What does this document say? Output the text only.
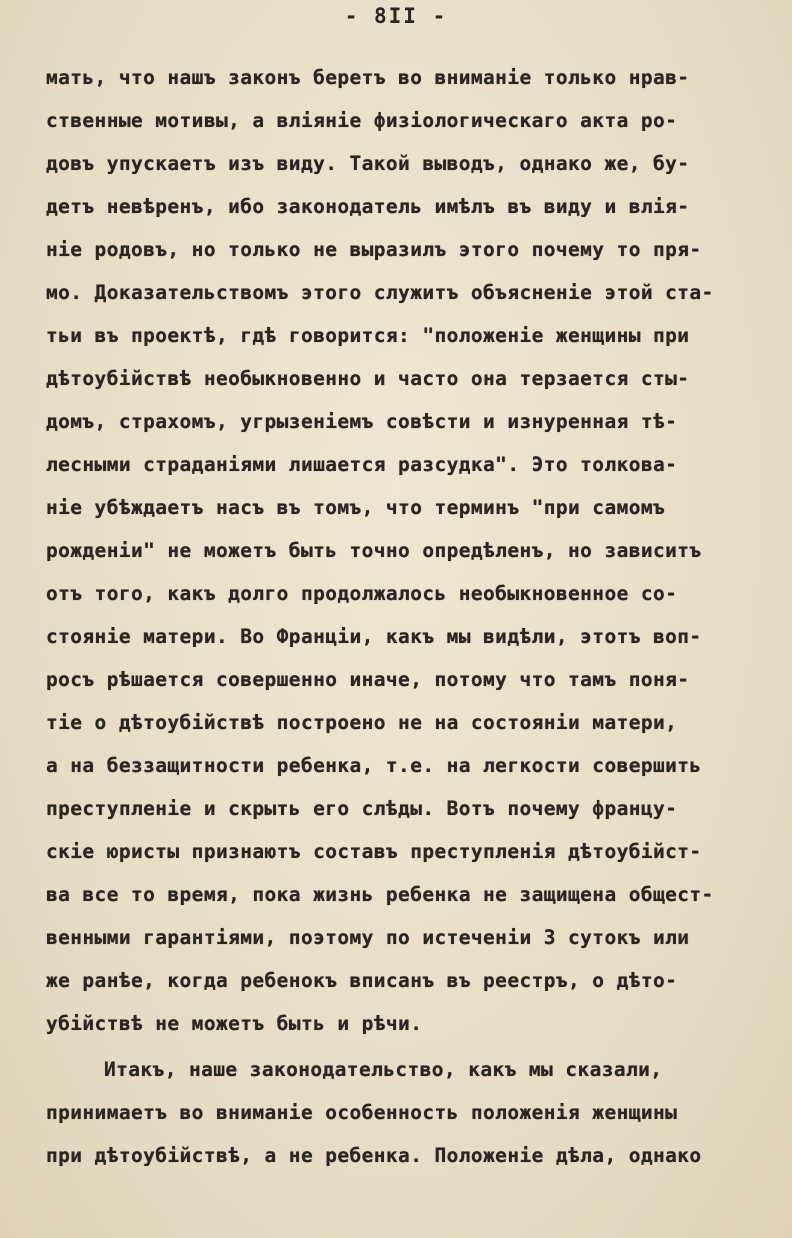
- 8II -
мать, что нашъ законъ беретъ во вниманіе только нрав-
ственные мотивы, а вліяніе физiологическаго акта ро-
довъ упускаетъ изъ виду. Такой выводъ, однако же, бу-
детъ невѣренъ, ибо законодатель имѣлъ въ виду и влія-
ніе родовъ, но только не выразилъ этого почему то пря-
мо. Доказательствомъ этого служитъ объясненіе этой ста-
тьи въ проектѣ, гдѣ говорится: "положеніе женщины при
дѣтоубійствѣ необыкновенно и часто она терзается сты-
домъ, страхомъ, угрызеніемъ совѣсти и изнуренная тѣ-
лесными страданіями лишается разсудка". Это толкова-
ніе убѣждаетъ насъ въ томъ, что терминъ "при самомъ
рожденіи" не можетъ быть точно опредѣленъ, но зависитъ
отъ того, какъ долго продолжалось необыкновенное со-
стояніе матери. Во Франціи, какъ мы видѣли, этотъ воп-
росъ рѣшается совершенно иначе, потому что тамъ поня-
тіе о дѣтоубійствѣ построено не на состояніи матери,
а на беззащитности ребенка, т.е. на легкости совершить
преступленіе и скрыть его слѣды. Вотъ почему францу-
скіе юристы признаютъ составъ преступленія дѣтоубійст-
ва все то время, пока жизнь ребенка не защищена общест-
венными гарантіями, поэтому по истеченіи 3 сутокъ или
же ранѣе, когда ребенокъ вписанъ въ реестръ, о дѣто-
убійствѣ не можетъ быть и рѣчи.
Итакъ, наше законодательство, какъ мы сказали,
принимаетъ во вниманіе особенность положенія женщины
при дѣтоубійствѣ, а не ребенка. Положеніе дѣла, однако
